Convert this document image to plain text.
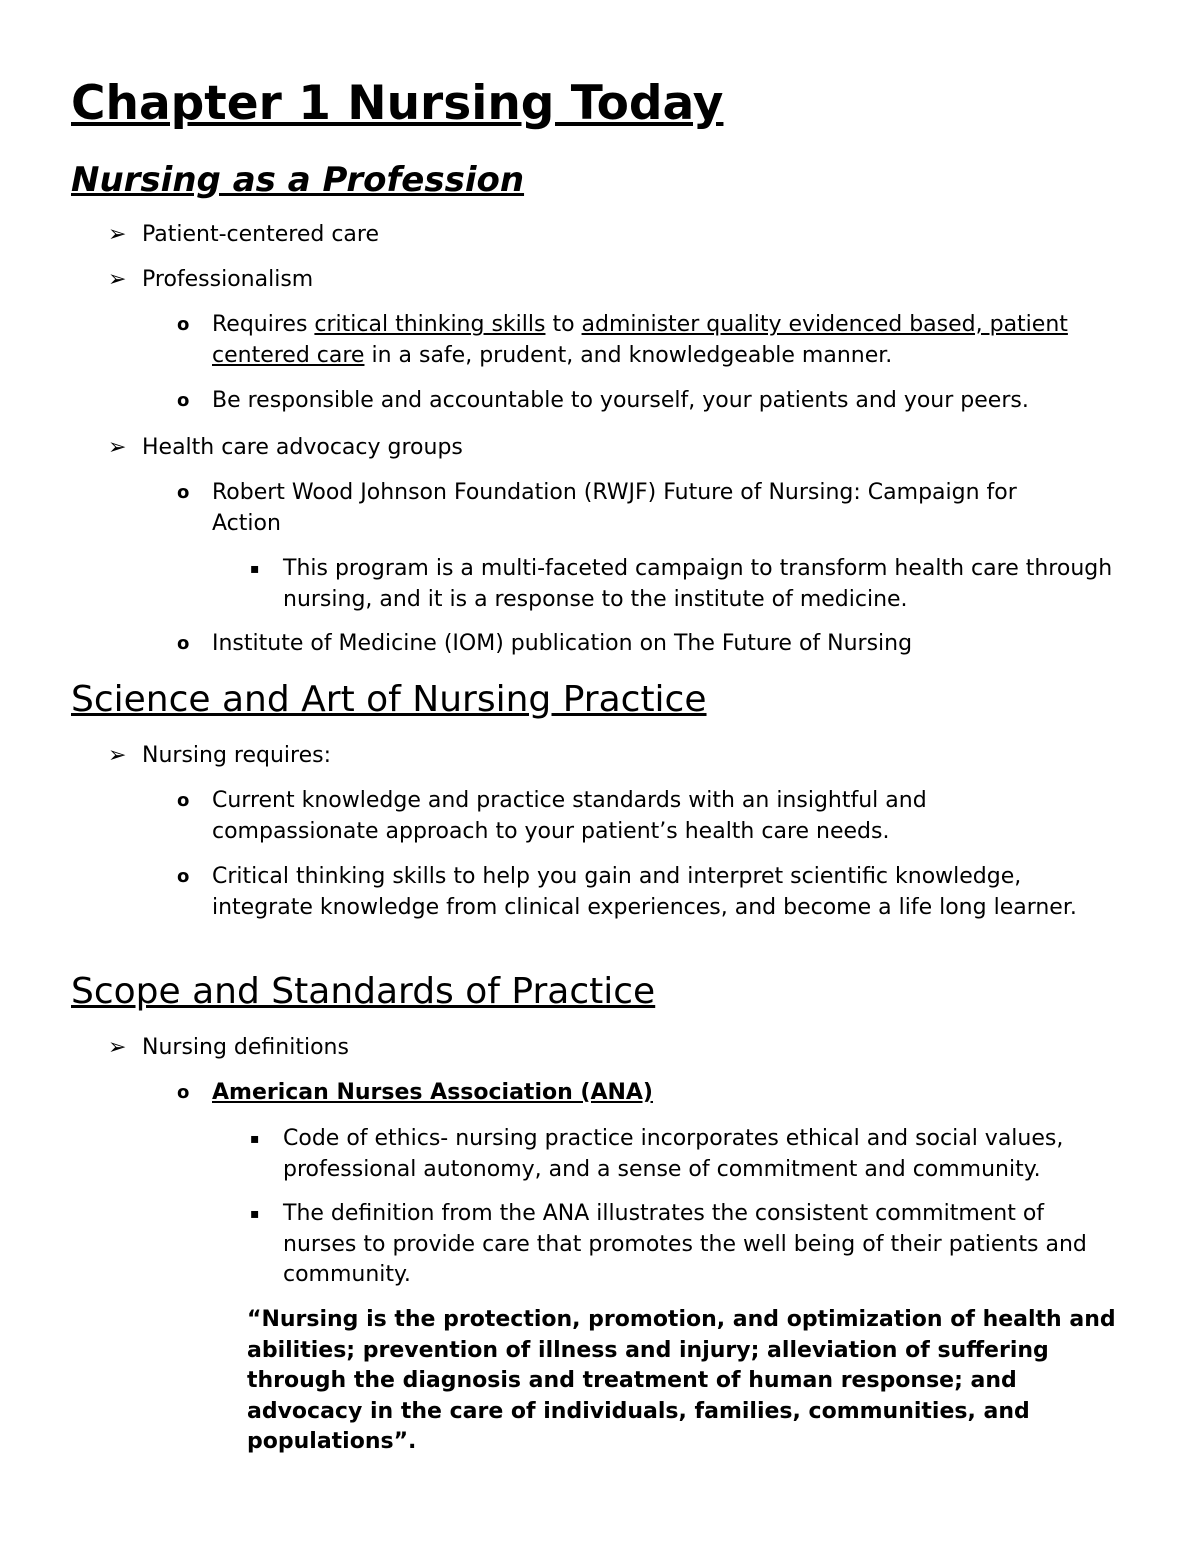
Chapter 1 Nursing Today
Nursing as a Profession
➢ Patient-centered care
➢ Professionalism
o Requires critical thinking skills to administer quality evidenced based, patient centered care in a safe, prudent, and knowledgeable manner.
o Be responsible and accountable to yourself, your patients and your peers.
➢ Health care advocacy groups
o Robert Wood Johnson Foundation (RWJF) Future of Nursing: Campaign for Action
▪ This program is a multi-faceted campaign to transform health care through nursing, and it is a response to the institute of medicine.
o Institute of Medicine (IOM) publication on The Future of Nursing
Science and Art of Nursing Practice
➢ Nursing requires:
o Current knowledge and practice standards with an insightful and compassionate approach to your patient’s health care needs.
o Critical thinking skills to help you gain and interpret scientific knowledge, integrate knowledge from clinical experiences, and become a life long learner.
Scope and Standards of Practice
➢ Nursing definitions
o American Nurses Association (ANA)
▪ Code of ethics- nursing practice incorporates ethical and social values, professional autonomy, and a sense of commitment and community.
▪ The definition from the ANA illustrates the consistent commitment of nurses to provide care that promotes the well being of their patients and community.
“Nursing is the protection, promotion, and optimization of health and abilities; prevention of illness and injury; alleviation of suffering through the diagnosis and treatment of human response; and advocacy in the care of individuals, families, communities, and populations”.
